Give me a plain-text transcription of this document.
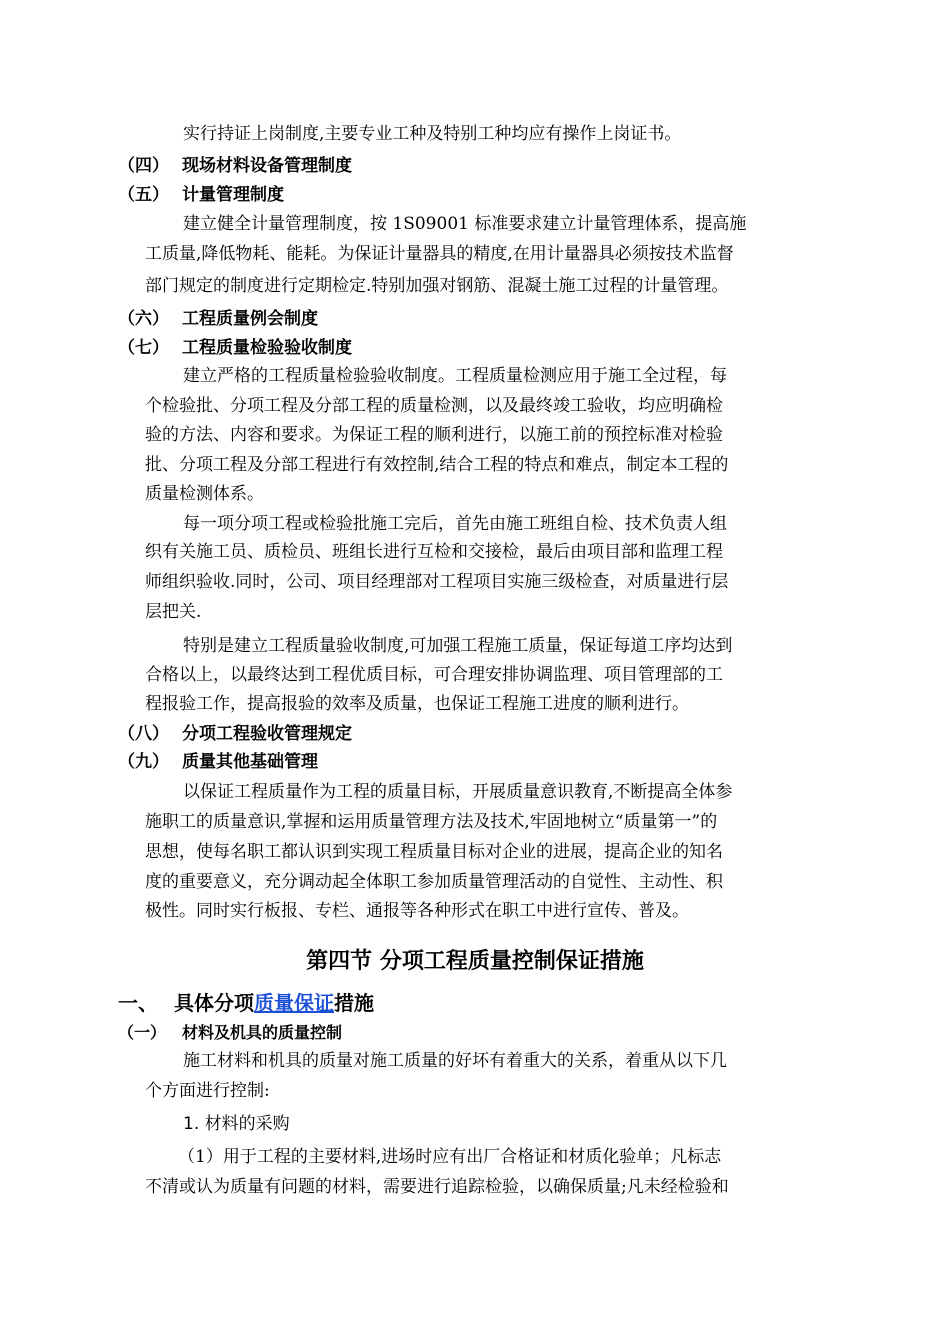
实行持证上岗制度,主要专业工种及特别工种均应有操作上岗证书。
（四） 现场材料设备管理制度
（五） 计量管理制度
建立健全计量管理制度，按 1S09001 标准要求建立计量管理体系，提高施
工质量,降低物耗、能耗。为保证计量器具的精度,在用计量器具必须按技术监督
部门规定的制度进行定期检定.特别加强对钢筋、混凝土施工过程的计量管理。
（六） 工程质量例会制度
（七） 工程质量检验验收制度
建立严格的工程质量检验验收制度。工程质量检测应用于施工全过程，每
个检验批、分项工程及分部工程的质量检测，以及最终竣工验收，均应明确检
验的方法、内容和要求。为保证工程的顺利进行，以施工前的预控标准对检验
批、分项工程及分部工程进行有效控制,结合工程的特点和难点，制定本工程的
质量检测体系。
每一项分项工程或检验批施工完后，首先由施工班组自检、技术负责人组
织有关施工员、质检员、班组长进行互检和交接检，最后由项目部和监理工程
师组织验收.同时，公司、项目经理部对工程项目实施三级检查，对质量进行层
层把关.
特别是建立工程质量验收制度,可加强工程施工质量，保证每道工序均达到
合格以上，以最终达到工程优质目标，可合理安排协调监理、项目管理部的工
程报验工作，提高报验的效率及质量，也保证工程施工进度的顺利进行。
（八） 分项工程验收管理规定
（九） 质量其他基础管理
以保证工程质量作为工程的质量目标，开展质量意识教育,不断提高全体参
施职工的质量意识,掌握和运用质量管理方法及技术,牢固地树立“质量第一”的
思想，使每名职工都认识到实现工程质量目标对企业的进展，提高企业的知名
度的重要意义，充分调动起全体职工参加质量管理活动的自觉性、主动性、积
极性。同时实行板报、专栏、通报等各种形式在职工中进行宣传、普及。
第四节 分项工程质量控制保证措施
一、 具体分项质量保证措施
（一） 材料及机具的质量控制
施工材料和机具的质量对施工质量的好坏有着重大的关系，着重从以下几
个方面进行控制:
1. 材料的采购
（1）用于工程的主要材料,进场时应有出厂合格证和材质化验单；凡标志
不清或认为质量有问题的材料，需要进行追踪检验，以确保质量;凡未经检验和
